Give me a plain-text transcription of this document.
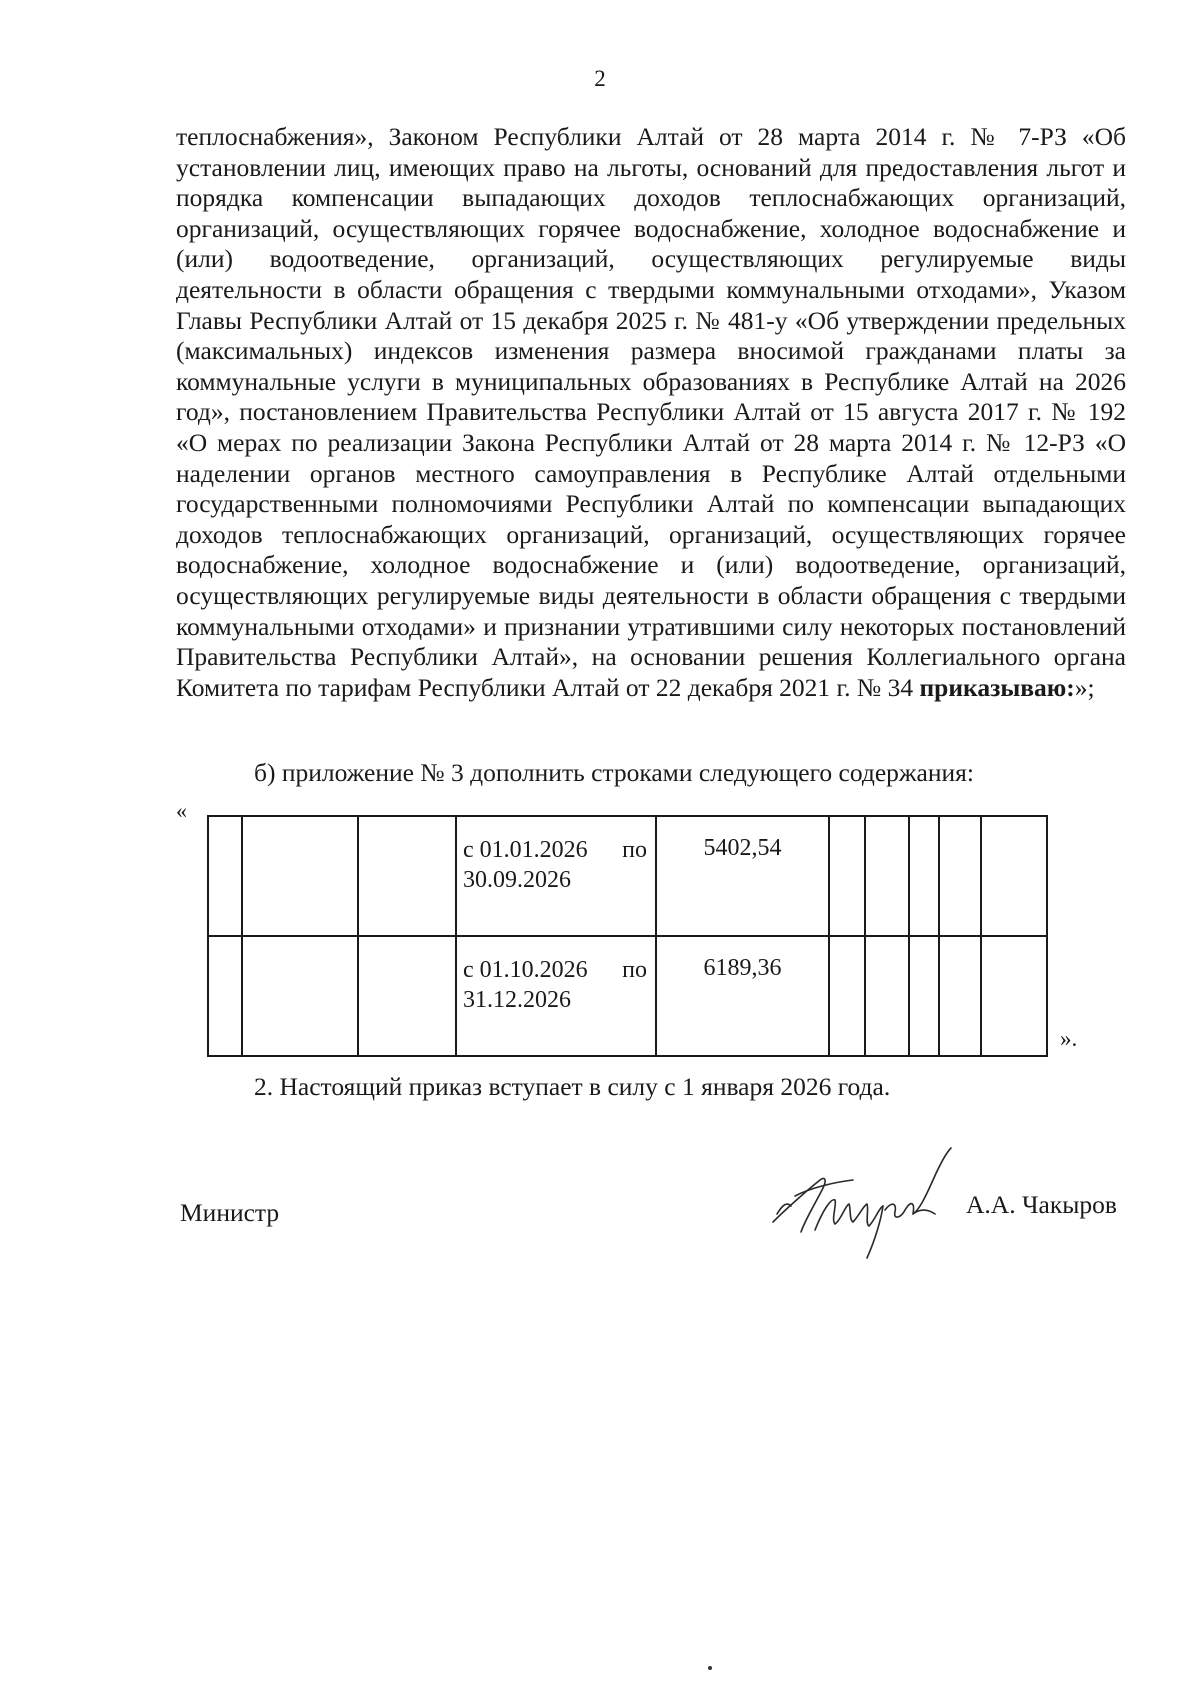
2

теплоснабжения», Законом Республики Алтай от 28 марта 2014 г. № 7-РЗ «Об установлении лиц, имеющих право на льготы, оснований для предоставления льгот и порядка компенсации выпадающих доходов теплоснабжающих организаций, организаций, осуществляющих горячее водоснабжение, холодное водоснабжение и (или) водоотведение, организаций, осуществляющих регулируемые виды деятельности в области обращения с твердыми коммунальными отходами», Указом Главы Республики Алтай от 15 декабря 2025 г. № 481-у «Об утверждении предельных (максимальных) индексов изменения размера вносимой гражданами платы за коммунальные услуги в муниципальных образованиях в Республике Алтай на 2026 год», постановлением Правительства Республики Алтай от 15 августа 2017 г. № 192 «О мерах по реализации Закона Республики Алтай от 28 марта 2014 г. № 12-РЗ «О наделении органов местного самоуправления в Республике Алтай отдельными государственными полномочиями Республики Алтай по компенсации выпадающих доходов теплоснабжающих организаций, организаций, осуществляющих горячее водоснабжение, холодное водоснабжение и (или) водоотведение, организаций, осуществляющих регулируемые виды деятельности в области обращения с твердыми коммунальными отходами» и признании утратившими силу некоторых постановлений Правительства Республики Алтай», на основании решения Коллегиального органа Комитета по тарифам Республики Алтай от 22 декабря 2021 г. № 34 приказываю:»;

б) приложение № 3 дополнить строками следующего содержания:

«

			с 01.01.2026 по
30.09.2026	5402,54					

			с 01.10.2026 по
31.12.2026	6189,36					
».

2. Настоящий приказ вступает в силу с 1 января 2026 года.

Министр	А.А. Чакыров
